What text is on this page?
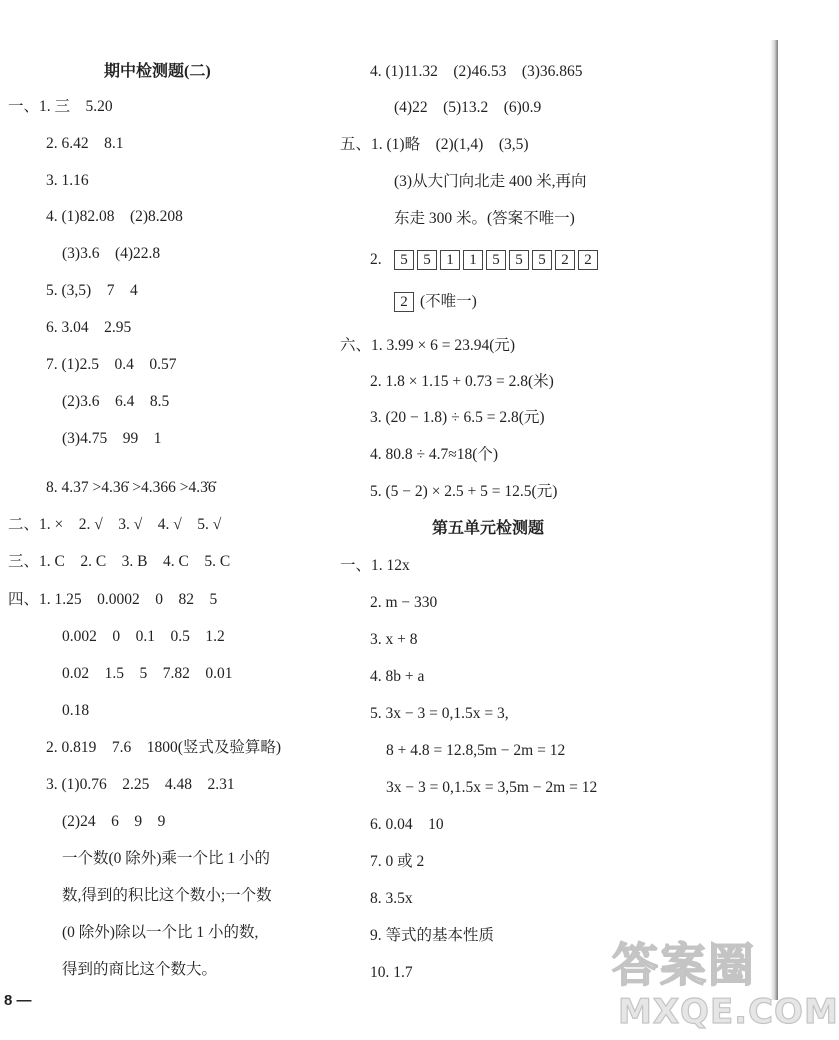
期中检测题(二)
一、1. 三　5.20
2. 6.42　8.1
3. 1.16
4. (1)82.08　(2)8.208
(3)3.6　(4)22.8
5. (3,5)　7　4
6. 3.04　2.95
7. (1)2.5　0.4　0.57
(2)3.6　6.4　8.5
(3)4.75　99　1
8. 4.37 >4.36̇ >4.366 >4.3̇6̇
二、1. ×　2. √　3. √　4. √　5. √
三、1. C　2. C　3. B　4. C　5. C
四、1. 1.25　0.0002　0　82　5
0.002　0　0.1　0.5　1.2
0.02　1.5　5　7.82　0.01
0.18
2. 0.819　7.6　1800(竖式及验算略)
3. (1)0.76　2.25　4.48　2.31
(2)24　6　9　9
一个数(0 除外)乘一个比 1 小的
数,得到的积比这个数小;一个数
(0 除外)除以一个比 1 小的数,
得到的商比这个数大。
4. (1)11.32　(2)46.53　(3)36.865
(4)22　(5)13.2　(6)0.9
五、1. (1)略　(2)(1,4)　(3,5)
(3)从大门向北走 400 米,再向
东走 300 米。(答案不唯一)
2.	5	5	1	1	5	5	5	2	2
2 (不唯一)
六、1. 3.99 × 6 = 23.94(元)
2. 1.8 × 1.15 + 0.73 = 2.8(米)
3. (20 − 1.8) ÷ 6.5 = 2.8(元)
4. 80.8 ÷ 4.7≈18(个)
5. (5 − 2) × 2.5 + 5 = 12.5(元)
第五单元检测题
一、1. 12x
2. m − 330
3. x + 8
4. 8b + a
5. 3x − 3 = 0,1.5x = 3,
8 + 4.8 = 12.8,5m − 2m = 12
3x − 3 = 0,1.5x = 3,5m − 2m = 12
6. 0.04　10
7. 0 或 2
8. 3.5x
9. 等式的基本性质
10. 1.7
8 —
答案圈
MXQE.COM
